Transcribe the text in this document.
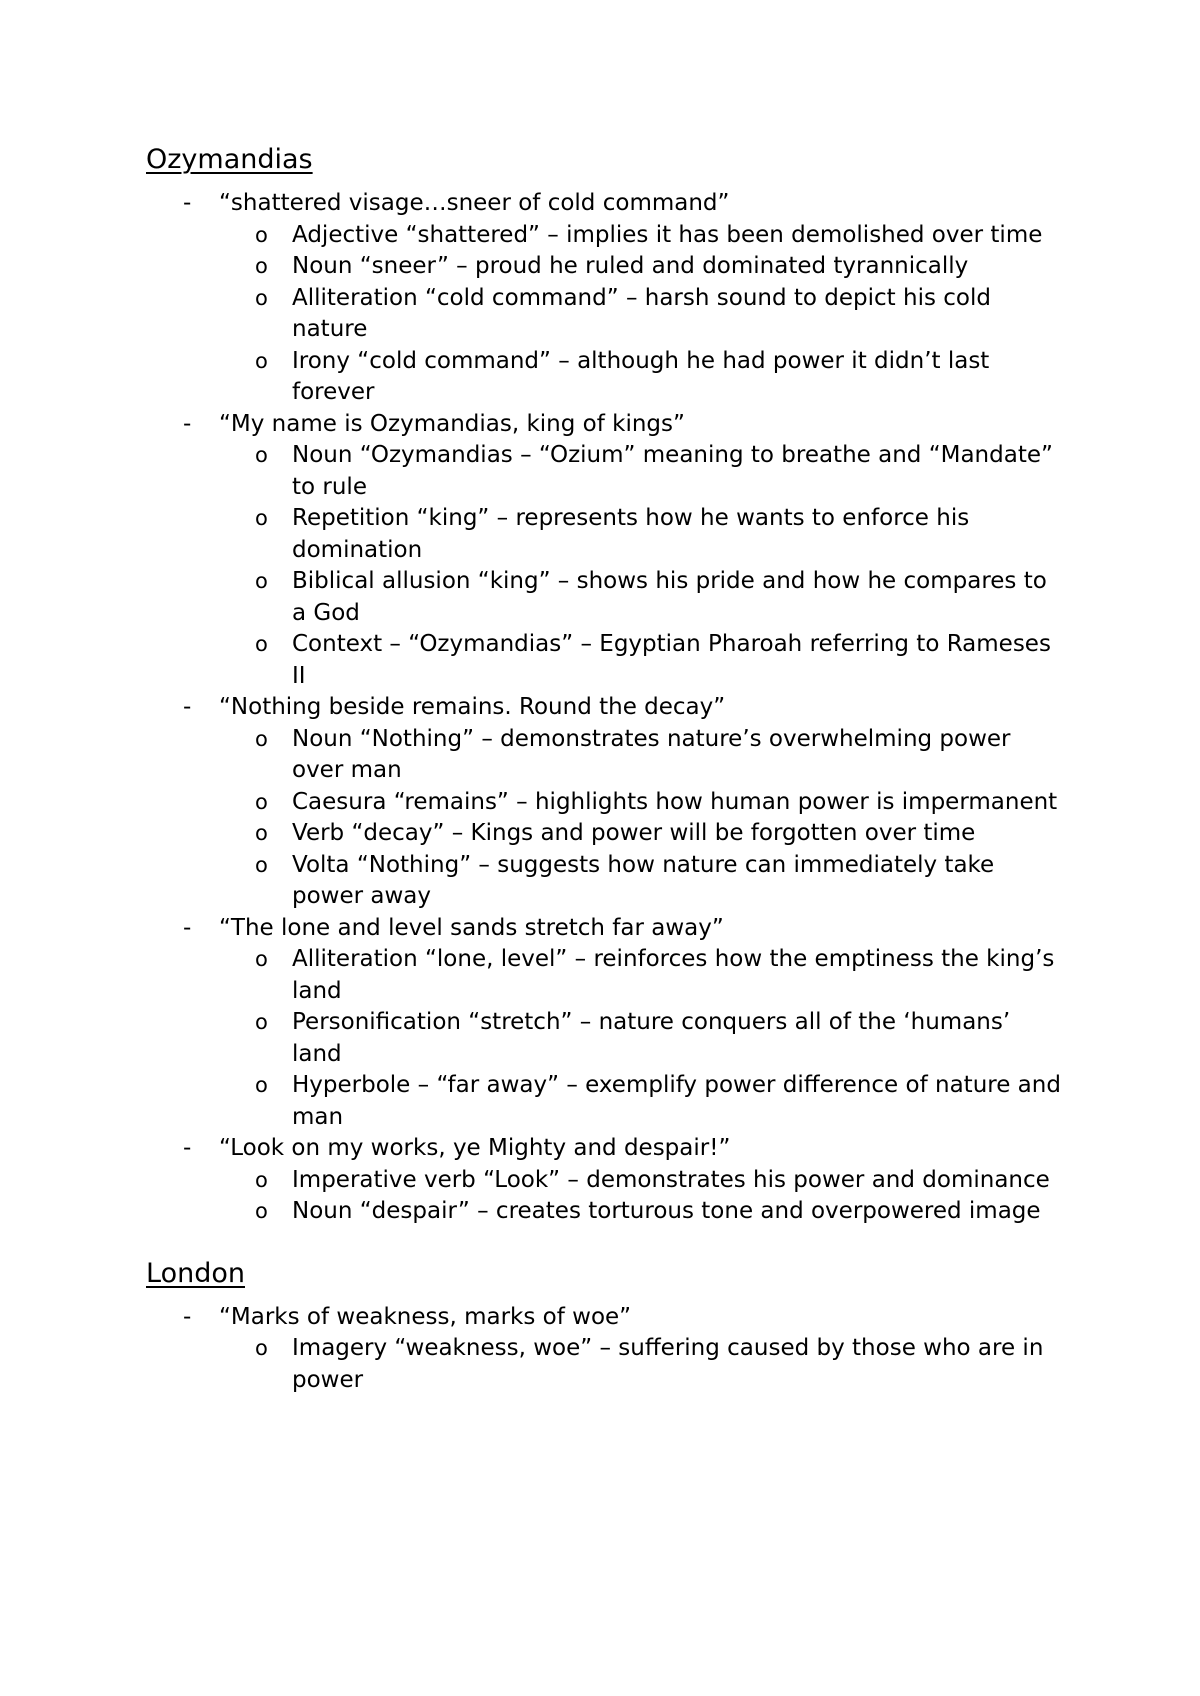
Ozymandias
- “shattered visage…sneer of cold command”
o Adjective “shattered” – implies it has been demolished over time
o Noun “sneer” – proud he ruled and dominated tyrannically
o Alliteration “cold command” – harsh sound to depict his cold nature
o Irony “cold command” – although he had power it didn’t last forever
- “My name is Ozymandias, king of kings”
o Noun “Ozymandias – “Ozium” meaning to breathe and “Mandate” to rule
o Repetition “king” – represents how he wants to enforce his domination
o Biblical allusion “king” – shows his pride and how he compares to a God
o Context – “Ozymandias” – Egyptian Pharoah referring to Rameses II
- “Nothing beside remains. Round the decay”
o Noun “Nothing” – demonstrates nature’s overwhelming power over man
o Caesura “remains” – highlights how human power is impermanent
o Verb “decay” – Kings and power will be forgotten over time
o Volta “Nothing” – suggests how nature can immediately take power away
- “The lone and level sands stretch far away”
o Alliteration “lone, level” – reinforces how the emptiness the king’s land
o Personification “stretch” – nature conquers all of the ‘humans’ land
o Hyperbole – “far away” – exemplify power difference of nature and man
- “Look on my works, ye Mighty and despair!”
o Imperative verb “Look” – demonstrates his power and dominance
o Noun “despair” – creates torturous tone and overpowered image
London
- “Marks of weakness, marks of woe”
o Imagery “weakness, woe” – suffering caused by those who are in power
